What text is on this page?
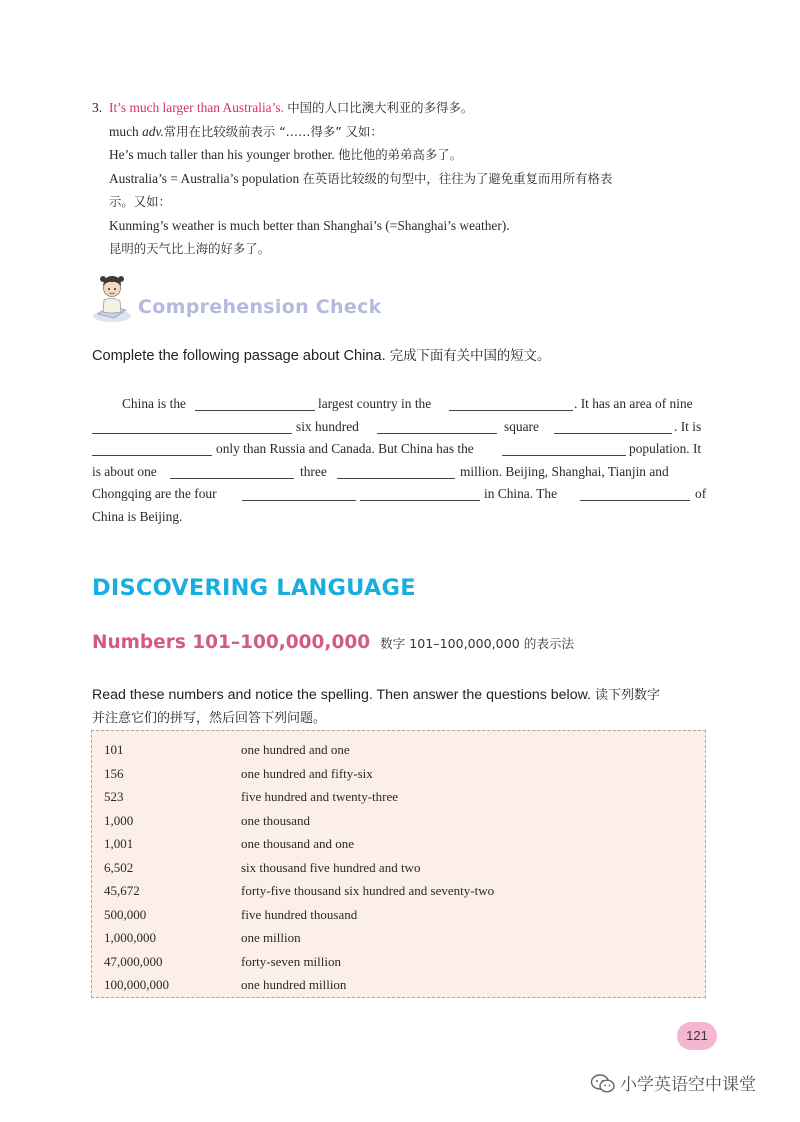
3. It’s much larger than Australia’s. 中国的人口比澳大利亚的多得多。
much adv.常用在比较级前表示 “……得多” 又如：
He’s much taller than his younger brother. 他比他的弟弟高多了。
Australia’s = Australia’s population 在英语比较级的句型中，往往为了避免重复而用所有格表
示。又如：
Kunming’s weather is much better than Shanghai’s (=Shanghai’s weather).
昆明的天气比上海的好多了。
Comprehension Check
Complete the following passage about China. 完成下面有关中国的短文。
China is the	largest country in the	. It has an area of nine
six hundred	square	. It is
only than Russia and Canada. But China has the	population. It
is about one	three	million. Beijing, Shanghai, Tianjin and
Chongqing are the four	in China. The	of
China is Beijing.
DISCOVERING LANGUAGE
Numbers 101–100,000,000 数字 101–100,000,000 的表示法
Read these numbers and notice the spelling. Then answer the questions below. 读下列数字
并注意它们的拼写，然后回答下列问题。
101	one hundred and one
156	one hundred and fifty-six
523	five hundred and twenty-three
1,000	one thousand
1,001	one thousand and one
6,502	six thousand five hundred and two
45,672	forty-five thousand six hundred and seventy-two
500,000	five hundred thousand
1,000,000	one million
47,000,000	forty-seven million
100,000,000	one hundred million
121
小学英语空中课堂
